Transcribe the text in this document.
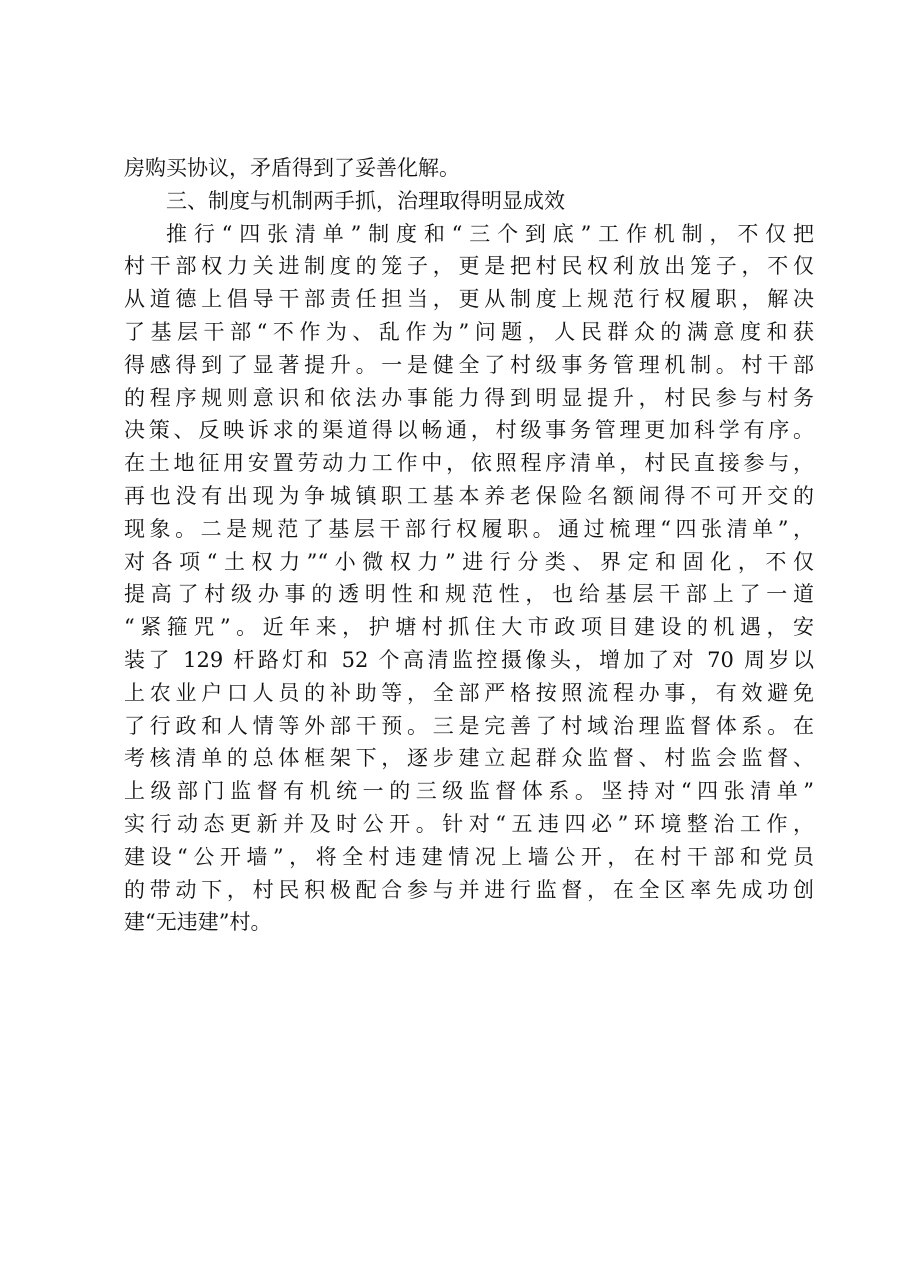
房购买协议，矛盾得到了妥善化解。
三、制度与机制两手抓，治理取得明显成效
推行“四张清单”制度和“三个到底”工作机制，不仅把
村干部权力关进制度的笼子，更是把村民权利放出笼子，不仅
从道德上倡导干部责任担当，更从制度上规范行权履职，解决
了基层干部“不作为、乱作为”问题，人民群众的满意度和获
得感得到了显著提升。一是健全了村级事务管理机制。村干部
的程序规则意识和依法办事能力得到明显提升，村民参与村务
决策、反映诉求的渠道得以畅通，村级事务管理更加科学有序。
在土地征用安置劳动力工作中，依照程序清单，村民直接参与，
再也没有出现为争城镇职工基本养老保险名额闹得不可开交的
现象。二是规范了基层干部行权履职。通过梳理“四张清单”，
对各项“土权力”“小微权力”进行分类、界定和固化，不仅
提高了村级办事的透明性和规范性，也给基层干部上了一道
“紧箍咒”。近年来，护塘村抓住大市政项目建设的机遇，安
装了 129 杆路灯和 52 个高清监控摄像头，增加了对 70 周岁以
上农业户口人员的补助等，全部严格按照流程办事，有效避免
了行政和人情等外部干预。三是完善了村域治理监督体系。在
考核清单的总体框架下，逐步建立起群众监督、村监会监督、
上级部门监督有机统一的三级监督体系。坚持对“四张清单”
实行动态更新并及时公开。针对“五违四必”环境整治工作，
建设“公开墙”，将全村违建情况上墙公开，在村干部和党员
的带动下，村民积极配合参与并进行监督，在全区率先成功创
建“无违建”村。
